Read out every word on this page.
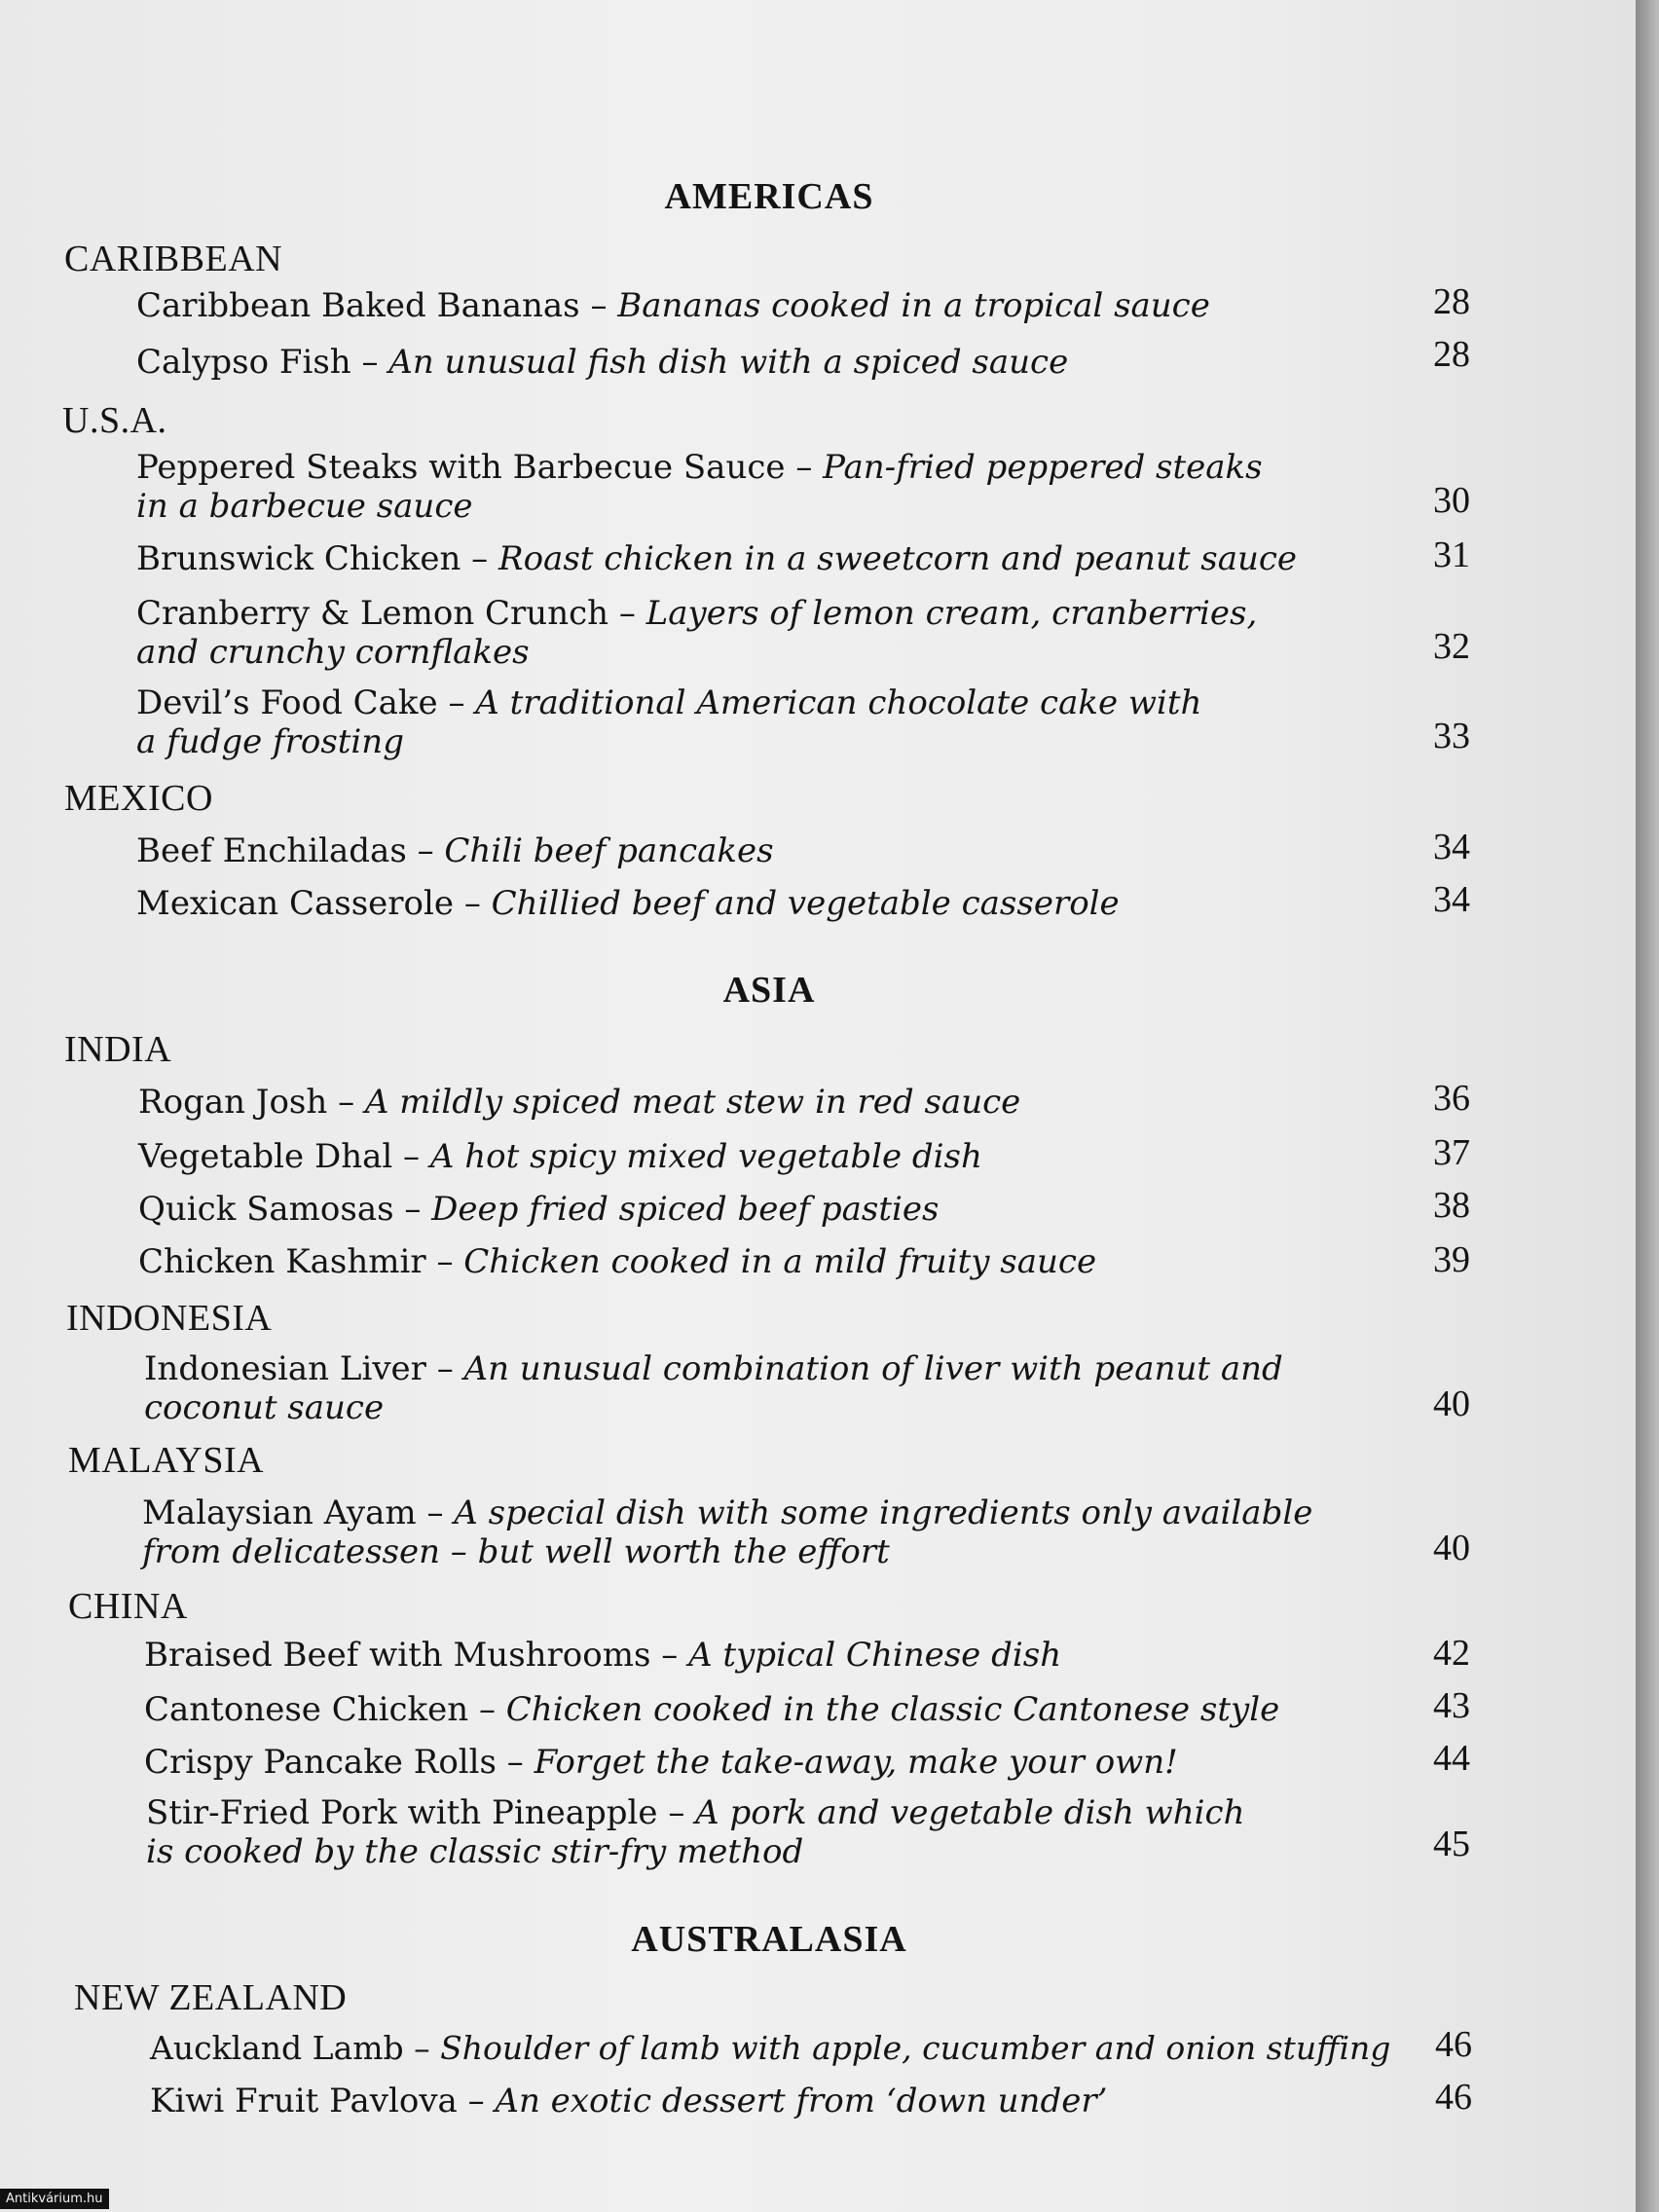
AMERICAS
ASIA
AUSTRALASIA
CARIBBEAN
U.S.A.
MEXICO
INDIA
INDONESIA
MALAYSIA
CHINA
NEW ZEALAND
Caribbean Baked Bananas – Bananas cooked in a tropical sauce	28
Calypso Fish – An unusual fish dish with a spiced sauce	28
Peppered Steaks with Barbecue Sauce – Pan-fried peppered steaks
in a barbecue sauce	30
Brunswick Chicken – Roast chicken in a sweetcorn and peanut sauce	31
Cranberry & Lemon Crunch – Layers of lemon cream, cranberries,
and crunchy cornflakes	32
Devil’s Food Cake – A traditional American chocolate cake with
a fudge frosting	33
Beef Enchiladas – Chili beef pancakes	34
Mexican Casserole – Chillied beef and vegetable casserole	34
Rogan Josh – A mildly spiced meat stew in red sauce	36
Vegetable Dhal – A hot spicy mixed vegetable dish	37
Quick Samosas – Deep fried spiced beef pasties	38
Chicken Kashmir – Chicken cooked in a mild fruity sauce	39
Indonesian Liver – An unusual combination of liver with peanut and
coconut sauce	40
Malaysian Ayam – A special dish with some ingredients only available
from delicatessen – but well worth the effort	40
Braised Beef with Mushrooms – A typical Chinese dish	42
Cantonese Chicken – Chicken cooked in the classic Cantonese style	43
Crispy Pancake Rolls – Forget the take-away, make your own!	44
Stir-Fried Pork with Pineapple – A pork and vegetable dish which
is cooked by the classic stir-fry method	45
Auckland Lamb – Shoulder of lamb with apple, cucumber and onion stuffing	46
Kiwi Fruit Pavlova – An exotic dessert from ‘down under’	46
Antikvárium.hu
